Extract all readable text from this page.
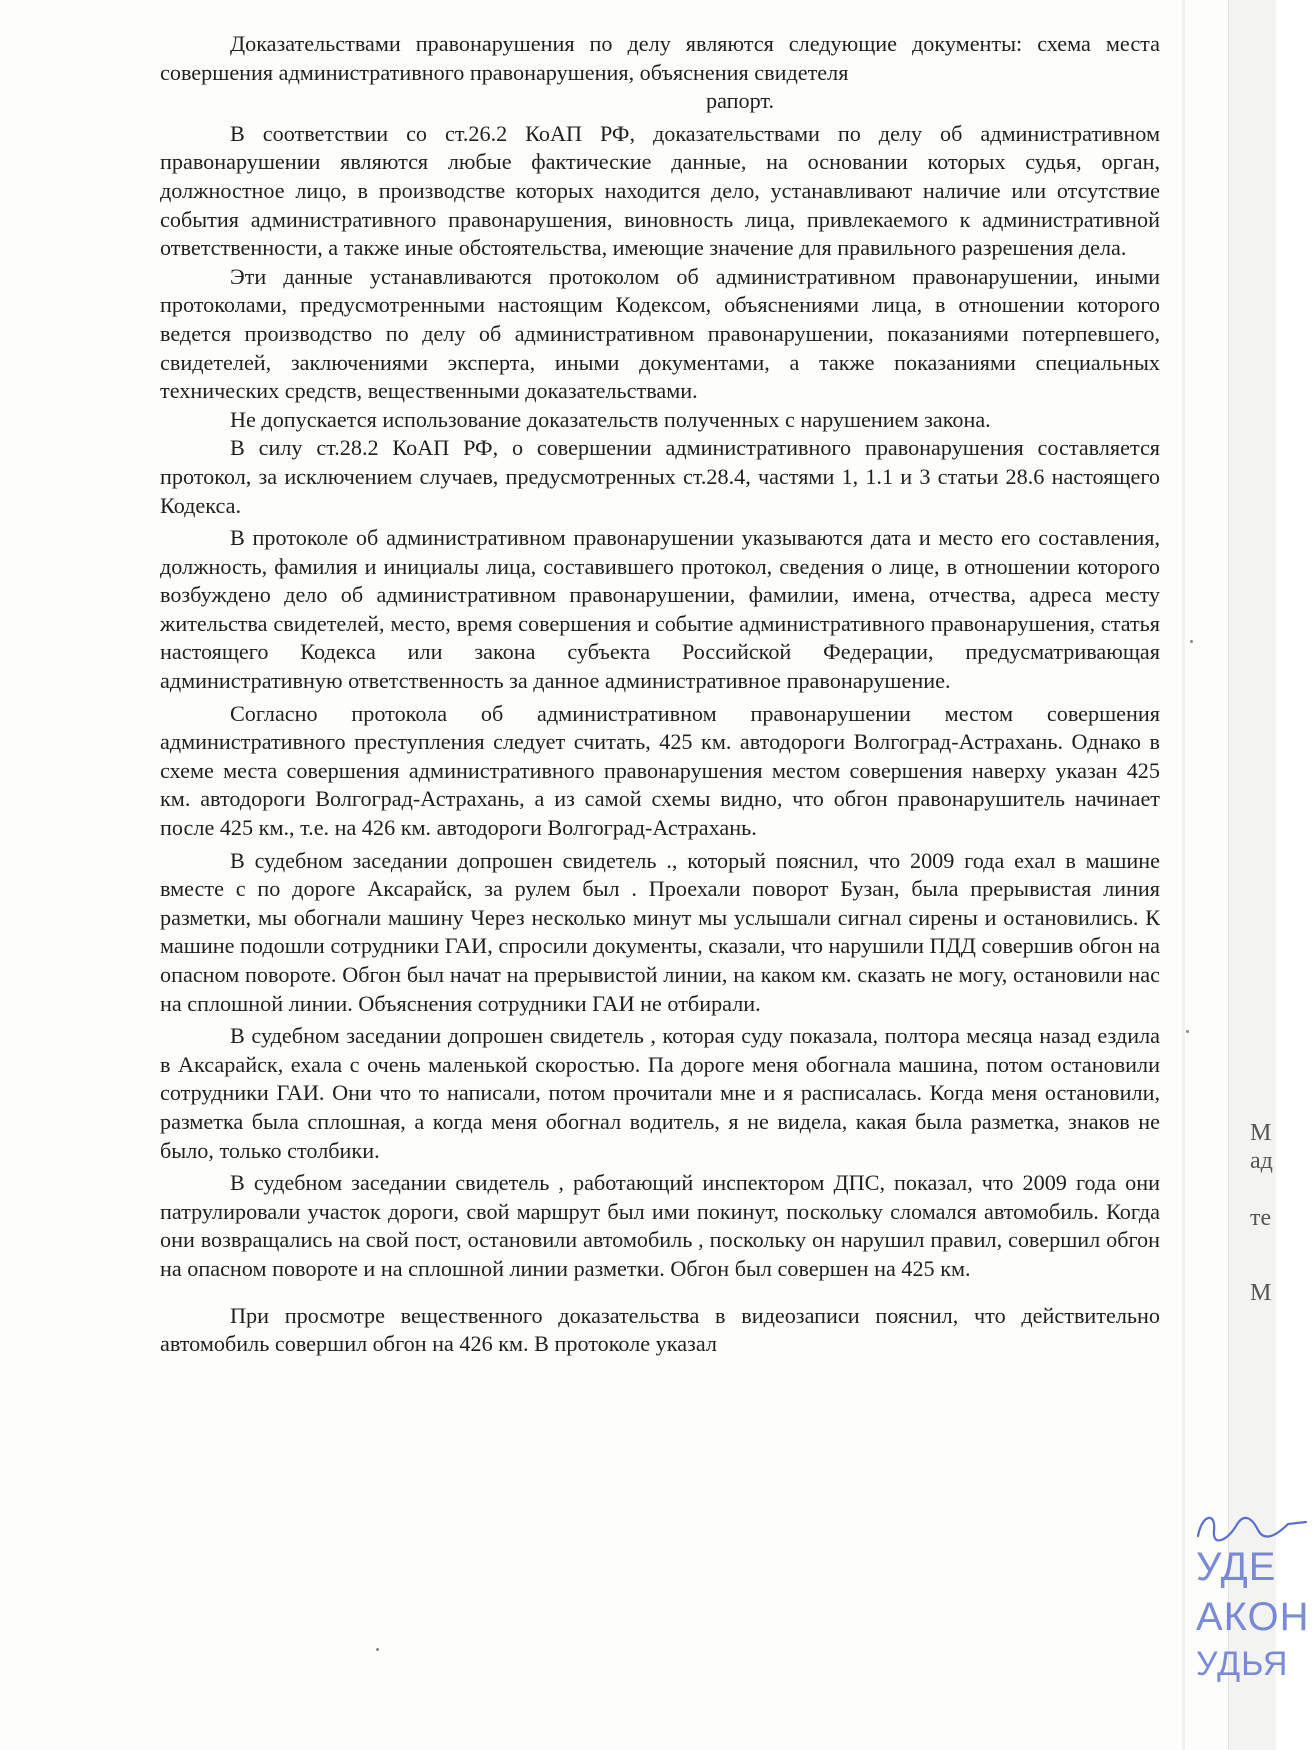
Доказательствами правонарушения по делу являются следующие документы: схема места совершения административного правонарушения, объяснения свидетеля

рапорт.

В соответствии со ст.26.2 КоАП РФ, доказательствами по делу об административном правонарушении являются любые фактические данные, на основании которых судья, орган, должностное лицо, в производстве которых находится дело, устанавливают наличие или отсутствие события административного правонарушения, виновность лица, привлекаемого к административной ответственности, а также иные обстоятельства, имеющие значение для правильного разрешения дела.

Эти данные устанавливаются протоколом об административном правонарушении, иными протоколами, предусмотренными настоящим Кодексом, объяснениями лица, в отношении которого ведется производство по делу об административном правонарушении, показаниями потерпевшего, свидетелей, заключениями эксперта, иными документами, а также показаниями специальных технических средств, вещественными доказательствами.

Не допускается использование доказательств полученных с нарушением закона.

В силу ст.28.2 КоАП РФ, о совершении административного правонарушения составляется протокол, за исключением случаев, предусмотренных ст.28.4, частями 1, 1.1 и 3 статьи 28.6 настоящего Кодекса.

В протоколе об административном правонарушении указываются дата и место его составления, должность, фамилия и инициалы лица, составившего протокол, сведения о лице, в отношении которого возбуждено дело об административном правонарушении, фамилии, имена, отчества, адреса месту жительства свидетелей, место, время совершения и событие административного правонарушения, статья настоящего Кодекса или закона субъекта Российской Федерации, предусматривающая административную ответственность за данное административное правонарушение.

Согласно протокола об административном правонарушении местом совершения административного преступления следует считать, 425 км. автодороги Волгоград-Астрахань. Однако в схеме места совершения административного правонарушения местом совершения наверху указан 425 км. автодороги Волгоград-Астрахань, а из самой схемы видно, что обгон правонарушитель начинает после 425 км., т.е. на 426 км. автодороги Волгоград-Астрахань.

В судебном заседании допрошен свидетель ., который пояснил, что 2009 года ехал в машине вместе с по дороге Аксарайск, за рулем был . Проехали поворот Бузан, была прерывистая линия разметки, мы обогнали машину Через несколько минут мы услышали сигнал сирены и остановились. К машине подошли сотрудники ГАИ, спросили документы, сказали, что нарушили ПДД совершив обгон на опасном повороте. Обгон был начат на прерывистой линии, на каком км. сказать не могу, остановили нас на сплошной линии. Объяснения сотрудники ГАИ не отбирали.

В судебном заседании допрошен свидетель , которая суду показала, полтора месяца назад ездила в Аксарайск, ехала с очень маленькой скоростью. Па дороге меня обогнала машина, потом остановили сотрудники ГАИ. Они что то написали, потом прочитали мне и я расписалась. Когда меня остановили, разметка была сплошная, а когда меня обогнал водитель, я не видела, какая была разметка, знаков не было, только столбики.

В судебном заседании свидетель , работающий инспектором ДПС, показал, что 2009 года они патрулировали участок дороги, свой маршрут был ими покинут, поскольку сломался автомобиль. Когда они возвращались на свой пост, остановили автомобиль , поскольку он нарушил правил, совершил обгон на опасном повороте и на сплошной линии разметки. Обгон был совершен на 425 км.

При просмотре вещественного доказательства в видеозаписи пояснил, что действительно автомобиль совершил обгон на 426 км. В протоколе указал

М
ад
те
М
УДЕ
АКОН
УДЬЯ
